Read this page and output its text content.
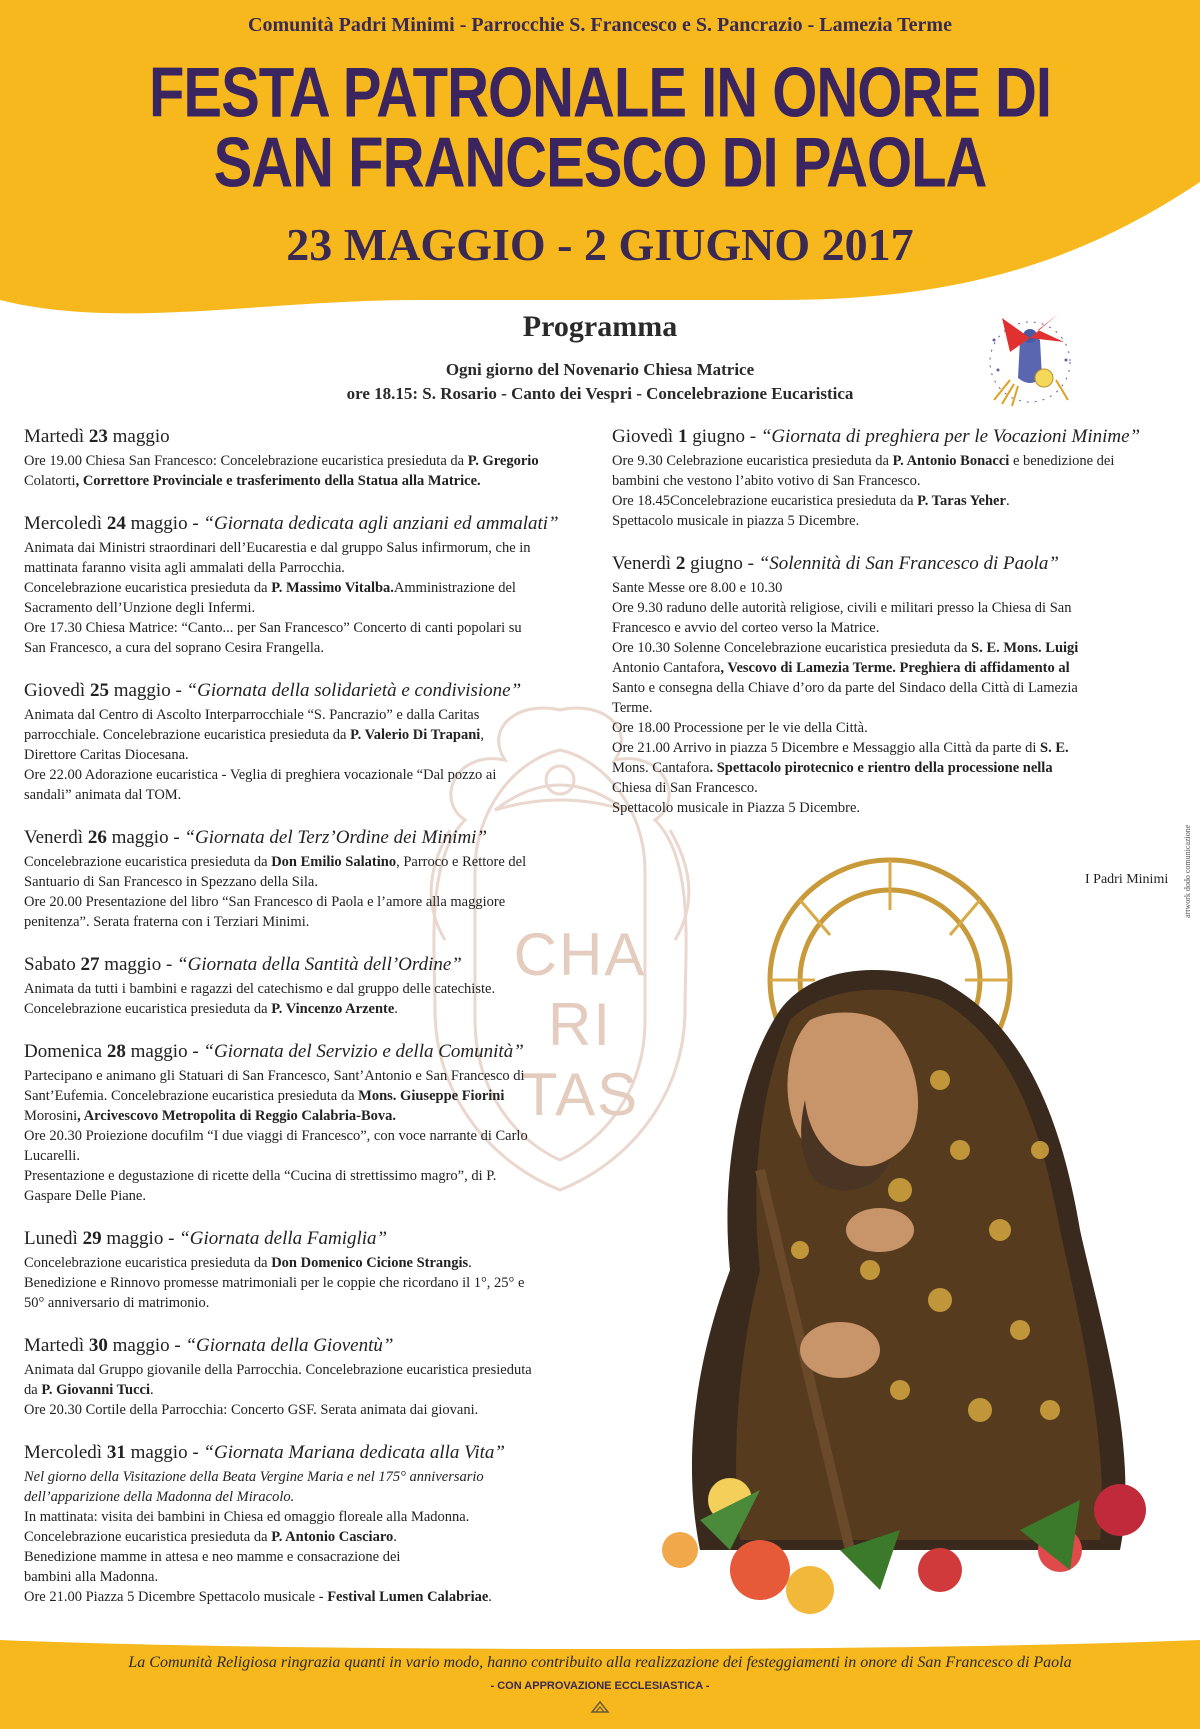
Comunità Padri Minimi - Parrocchie S. Francesco e S. Pancrazio - Lamezia Terme
FESTA PATRONALE IN ONORE DI
SAN FRANCESCO DI PAOLA
23 MAGGIO - 2 GIUGNO 2017
Programma
Ogni giorno del Novenario Chiesa Matrice
ore 18.15: S. Rosario - Canto dei Vespri - Concelebrazione Eucaristica
CHA
RI
TAS
Martedì 23 maggio
Ore 19.00 Chiesa San Francesco: Concelebrazione eucaristica presieduta da P. Gregorio
Colatorti, Correttore Provinciale e trasferimento della Statua alla Matrice.
Mercoledì 24 maggio - “Giornata dedicata agli anziani ed ammalati”
Animata dai Ministri straordinari dell’Eucarestia e dal gruppo Salus infirmorum, che in
mattinata faranno visita agli ammalati della Parrocchia.
Concelebrazione eucaristica presieduta da P. Massimo Vitalba.Amministrazione del
Sacramento dell’Unzione degli Infermi.
Ore 17.30 Chiesa Matrice: “Canto... per San Francesco” Concerto di canti popolari su
San Francesco, a cura del soprano Cesira Frangella.
Giovedì 25 maggio - “Giornata della solidarietà e condivisione”
Animata dal Centro di Ascolto Interparrocchiale “S. Pancrazio” e dalla Caritas
parrocchiale. Concelebrazione eucaristica presieduta da P. Valerio Di Trapani,
Direttore Caritas Diocesana.
Ore 22.00 Adorazione eucaristica - Veglia di preghiera vocazionale “Dal pozzo ai
sandali” animata dal TOM.
Venerdì 26 maggio - “Giornata del Terz’Ordine dei Minimi”
Concelebrazione eucaristica presieduta da Don Emilio Salatino, Parroco e Rettore del
Santuario di San Francesco in Spezzano della Sila.
Ore 20.00 Presentazione del libro “San Francesco di Paola e l’amore alla maggiore
penitenza”. Serata fraterna con i Terziari Minimi.
Sabato 27 maggio - “Giornata della Santità dell’Ordine”
Animata da tutti i bambini e ragazzi del catechismo e dal gruppo delle catechiste.
Concelebrazione eucaristica presieduta da P. Vincenzo Arzente.
Domenica 28 maggio - “Giornata del Servizio e della Comunità”
Partecipano e animano gli Statuari di San Francesco, Sant’Antonio e San Francesco di
Sant’Eufemia. Concelebrazione eucaristica presieduta da Mons. Giuseppe Fiorini
Morosini, Arcivescovo Metropolita di Reggio Calabria-Bova.
Ore 20.30 Proiezione docufilm “I due viaggi di Francesco”, con voce narrante di Carlo
Lucarelli.
Presentazione e degustazione di ricette della “Cucina di strettissimo magro”, di P.
Gaspare Delle Piane.
Lunedì 29 maggio - “Giornata della Famiglia”
Concelebrazione eucaristica presieduta da Don Domenico Cicione Strangis.
Benedizione e Rinnovo promesse matrimoniali per le coppie che ricordano il 1°, 25° e
50° anniversario di matrimonio.
Martedì 30 maggio - “Giornata della Gioventù”
Animata dal Gruppo giovanile della Parrocchia. Concelebrazione eucaristica presieduta
da P. Giovanni Tucci.
Ore 20.30 Cortile della Parrocchia: Concerto GSF. Serata animata dai giovani.
Mercoledì 31 maggio - “Giornata Mariana dedicata alla Vita”
Nel giorno della Visitazione della Beata Vergine Maria e nel 175° anniversario
dell’apparizione della Madonna del Miracolo.
In mattinata: visita dei bambini in Chiesa ed omaggio floreale alla Madonna.
Concelebrazione eucaristica presieduta da P. Antonio Casciaro.
Benedizione mamme in attesa e neo mamme e consacrazione dei
bambini alla Madonna.
Ore 21.00 Piazza 5 Dicembre Spettacolo musicale - Festival Lumen Calabriae.
Giovedì 1 giugno - “Giornata di preghiera per le Vocazioni Minime”
Ore 9.30 Celebrazione eucaristica presieduta da P. Antonio Bonacci e benedizione dei
bambini che vestono l’abito votivo di San Francesco.
Ore 18.45Concelebrazione eucaristica presieduta da P. Taras Yeher.
Spettacolo musicale in piazza 5 Dicembre.
Venerdì 2 giugno - “Solennità di San Francesco di Paola”
Sante Messe ore 8.00 e 10.30
Ore 9.30 raduno delle autorità religiose, civili e militari presso la Chiesa di San
Francesco e avvio del corteo verso la Matrice.
Ore 10.30 Solenne Concelebrazione eucaristica presieduta da S. E. Mons. Luigi
Antonio Cantafora, Vescovo di Lamezia Terme. Preghiera di affidamento al
Santo e consegna della Chiave d’oro da parte del Sindaco della Città di Lamezia
Terme.
Ore 18.00 Processione per le vie della Città.
Ore 21.00 Arrivo in piazza 5 Dicembre e Messaggio alla Città da parte di S. E.
Mons. Cantafora. Spettacolo pirotecnico e rientro della processione nella
Chiesa di San Francesco.
Spettacolo musicale in Piazza 5 Dicembre.
I Padri Minimi artwork dodo comunicazione
La Comunità Religiosa ringrazia quanti in vario modo, hanno contribuito alla realizzazione dei festeggiamenti in onore di San Francesco di Paola
- CON APPROVAZIONE ECCLESIASTICA -
